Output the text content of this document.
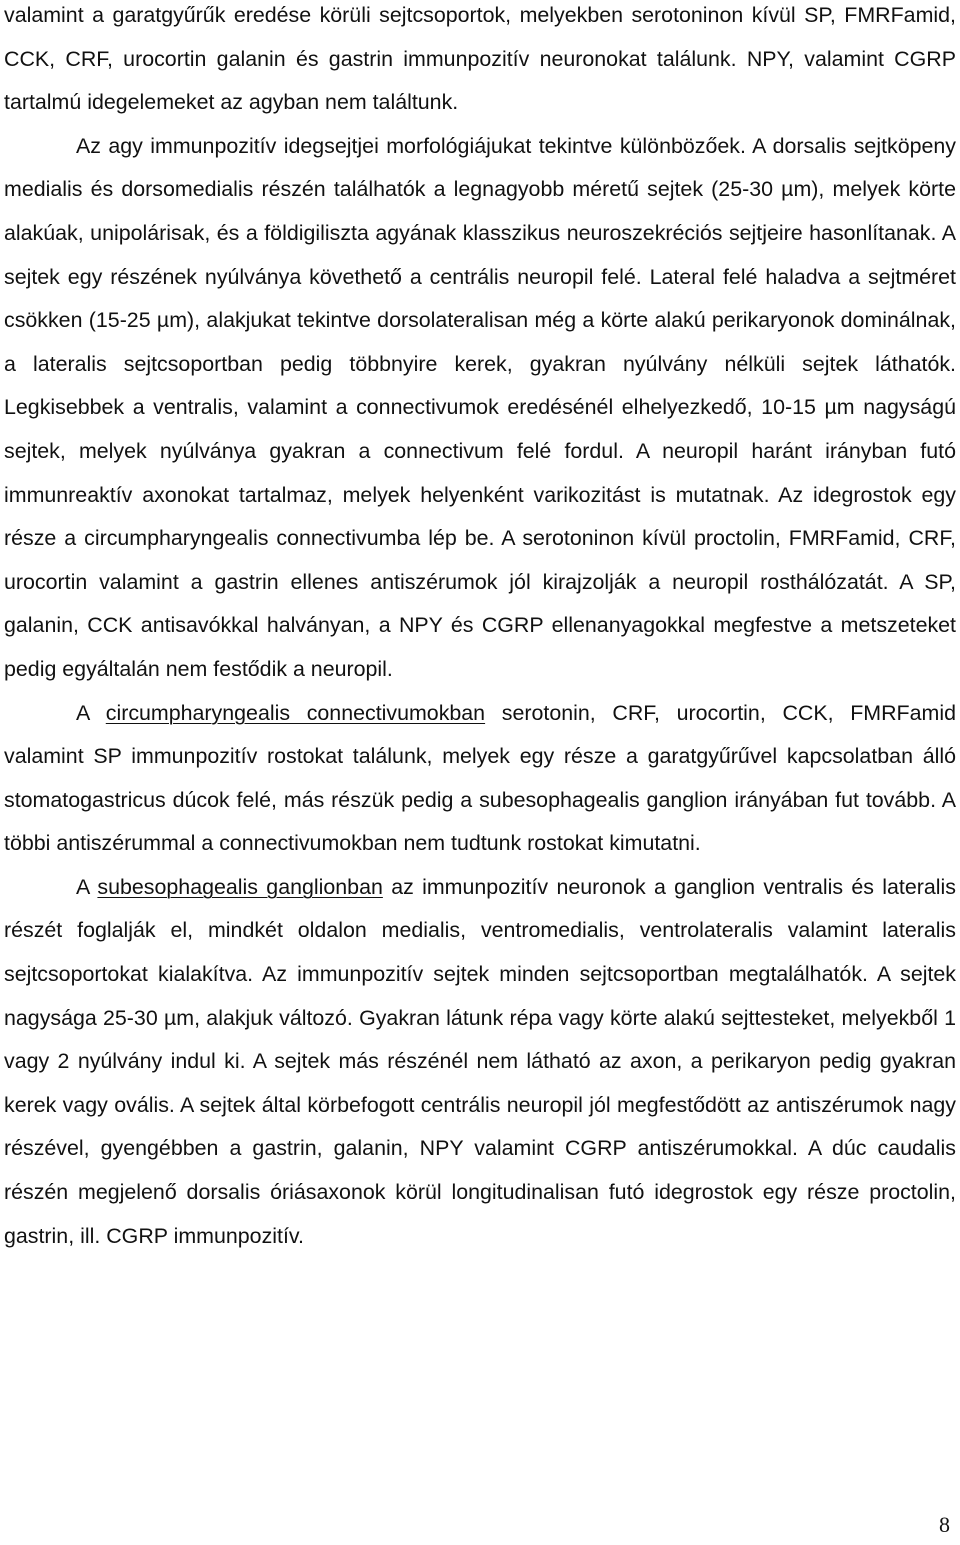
valamint a garatgyűrűk eredése körüli sejtcsoportok, melyekben serotoninon kívül SP, FMRFamid, CCK, CRF, urocortin galanin és gastrin immunpozitív neuronokat találunk. NPY, valamint CGRP tartalmú idegelemeket az agyban nem találtunk.

Az agy immunpozitív idegsejtjei morfológiájukat tekintve különbözőek. A dorsalis sejtköpeny medialis és dorsomedialis részén találhatók a legnagyobb méretű sejtek (25-30 µm), melyek körte alakúak, unipolárisak, és a földigiliszta agyának klasszikus neuroszekréciós sejtjeire hasonlítanak. A sejtek egy részének nyúlványa követhető a centrális neuropil felé. Lateral felé haladva a sejtméret csökken (15-25 µm), alakjukat tekintve dorsolateralisan még a körte alakú perikaryonok dominálnak, a lateralis sejtcsoportban pedig többnyire kerek, gyakran nyúlvány nélküli sejtek láthatók. Legkisebbek a ventralis, valamint a connectivumok eredésénél elhelyezkedő, 10-15 µm nagyságú sejtek, melyek nyúlványa gyakran a connectivum felé fordul. A neuropil haránt irányban futó immunreaktív axonokat tartalmaz, melyek helyenként varikozitást is mutatnak. Az idegrostok egy része a circumpharyngealis connectivumba lép be. A serotoninon kívül proctolin, FMRFamid, CRF, urocortin valamint a gastrin ellenes antiszérumok jól kirajzolják a neuropil rosthálózatát. A SP, galanin, CCK antisavókkal halványan, a NPY és CGRP ellenanyagokkal megfestve a metszeteket pedig egyáltalán nem festődik a neuropil.

A circumpharyngealis connectivumokban serotonin, CRF, urocortin, CCK, FMRFamid valamint SP immunpozitív rostokat találunk, melyek egy része a garatgyűrűvel kapcsolatban álló stomatogastricus dúcok felé, más részük pedig a subesophagealis ganglion irányában fut tovább. A többi antiszérummal a connectivumokban nem tudtunk rostokat kimutatni.

A subesophagealis ganglionban az immunpozitív neuronok a ganglion ventralis és lateralis részét foglalják el, mindkét oldalon medialis, ventromedialis, ventrolateralis valamint lateralis sejtcsoportokat kialakítva. Az immunpozitív sejtek minden sejtcsoportban megtalálhatók. A sejtek nagysága 25-30 µm, alakjuk változó. Gyakran látunk répa vagy körte alakú sejttesteket, melyekből 1 vagy 2 nyúlvány indul ki. A sejtek más részénél nem látható az axon, a perikaryon pedig gyakran kerek vagy ovális. A sejtek által körbefogott centrális neuropil jól megfestődött az antiszérumok nagy részével, gyengébben a gastrin, galanin, NPY valamint CGRP antiszérumokkal. A dúc caudalis részén megjelenő dorsalis óriásaxonok körül longitudinalisan futó idegrostok egy része proctolin, gastrin, ill. CGRP immunpozitív.

8
